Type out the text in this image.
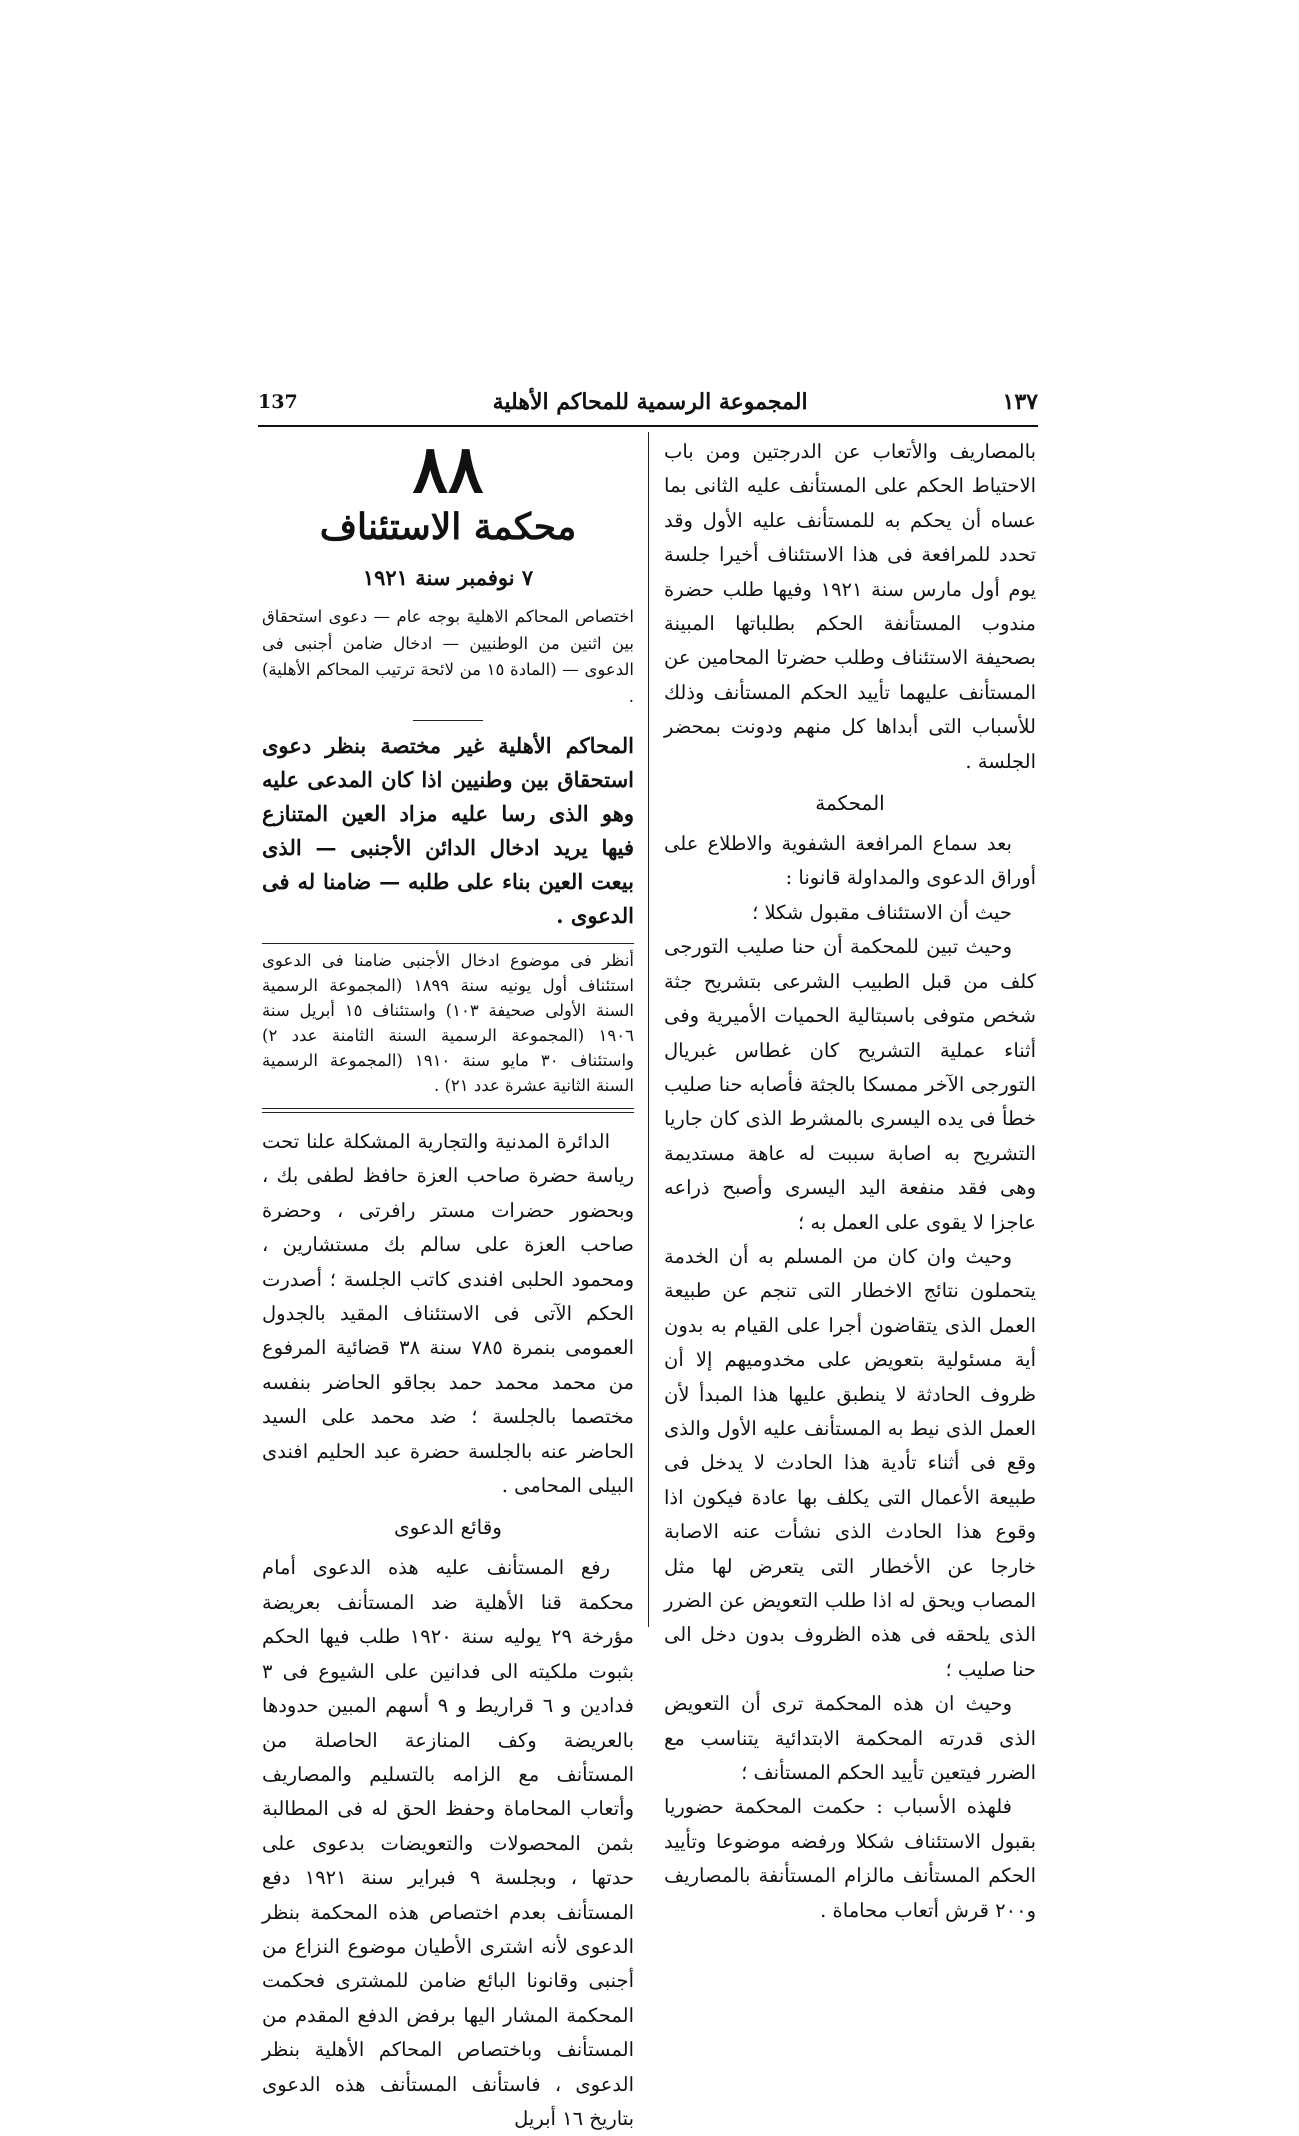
137	المجموعة الرسمية للمحاكم الأهلية	١٣٧

بالمصاريف والأتعاب عن الدرجتين ومن باب الاحتياط الحكم على المستأنف عليه الثانى بما عساه أن يحكم به للمستأنف عليه الأول وقد تحدد للمرافعة فى هذا الاستئناف أخيرا جلسة يوم أول مارس سنة ١٩٢١ وفيها طلب حضرة مندوب المستأنفة الحكم بطلباتها المبينة بصحيفة الاستئناف وطلب حضرتا المحامين عن المستأنف عليهما تأييد الحكم المستأنف وذلك للأسباب التى أبداها كل منهم ودونت بمحضر الجلسة .

المحكمة

بعد سماع المرافعة الشفوية والاطلاع على أوراق الدعوى والمداولة قانونا :

حيث أن الاستئناف مقبول شكلا ؛

وحيث تبين للمحكمة أن حنا صليب التورجى كلف من قبل الطبيب الشرعى بتشريح جثة شخص متوفى باسبتالية الحميات الأميرية وفى أثناء عملية التشريح كان غطاس غبريال التورجى الآخر ممسكا بالجثة فأصابه حنا صليب خطأ فى يده اليسرى بالمشرط الذى كان جاريا التشريح به اصابة سببت له عاهة مستديمة وهى فقد منفعة اليد اليسرى وأصبح ذراعه عاجزا لا يقوى على العمل به ؛

وحيث وان كان من المسلم به أن الخدمة يتحملون نتائج الاخطار التى تنجم عن طبيعة العمل الذى يتقاضون أجرا على القيام به بدون أية مسئولية بتعويض على مخدوميهم إلا أن ظروف الحادثة لا ينطبق عليها هذا المبدأ لأن العمل الذى نيط به المستأنف عليه الأول والذى وقع فى أثناء تأدية هذا الحادث لا يدخل فى طبيعة الأعمال التى يكلف بها عادة فيكون اذا وقوع هذا الحادث الذى نشأت عنه الاصابة خارجا عن الأخطار التى يتعرض لها مثل المصاب ويحق له اذا طلب التعويض عن الضرر الذى يلحقه فى هذه الظروف بدون دخل الى حنا صليب ؛

وحيث ان هذه المحكمة ترى أن التعويض الذى قدرته المحكمة الابتدائية يتناسب مع الضرر فيتعين تأييد الحكم المستأنف ؛

فلهذه الأسباب : حكمت المحكمة حضوريا بقبول الاستئناف شكلا ورفضه موضوعا وتأييد الحكم المستأنف مالزام المستأنفة بالمصاريف و٢٠٠ قرش أتعاب محاماة .

٨٨
محكمة الاستئناف
٧ نوفمبر سنة ١٩٢١

اختصاص المحاكم الاهلية بوجه عام — دعوى استحقاق بين اثنين من الوطنيين — ادخال ضامن أجنبى فى الدعوى — (المادة ١٥ من لائحة ترتيب المحاكم الأهلية) .

المحاكم الأهلية غير مختصة بنظر دعوى استحقاق بين وطنيين اذا كان المدعى عليه وهو الذى رسا عليه مزاد العين المتنازع فيها يريد ادخال الدائن الأجنبى — الذى بيعت العين بناء على طلبه — ضامنا له فى الدعوى .

أنظر فى موضوع ادخال الأجنبى ضامنا فى الدعوى استئناف أول يونيه سنة ١٨٩٩ (المجموعة الرسمية السنة الأولى صحيفة ١٠٣) واستئناف ١٥ أبريل سنة ١٩٠٦ (المجموعة الرسمية السنة الثامنة عدد ٢) واستئناف ٣٠ مايو سنة ١٩١٠ (المجموعة الرسمية السنة الثانية عشرة عدد ٢١) .

الدائرة المدنية والتجارية المشكلة علنا تحت رياسة حضرة صاحب العزة حافظ لطفى بك ، وبحضور حضرات مستر رافرتى ، وحضرة صاحب العزة على سالم بك مستشارين ، ومحمود الحلبى افندى كاتب الجلسة ؛ أصدرت الحكم الآتى فى الاستئناف المقيد بالجدول العمومى بنمرة ٧٨٥ سنة ٣٨ قضائية المرفوع من محمد محمد حمد بجاقو الحاضر بنفسه مختصما بالجلسة ؛ ضد محمد على السيد الحاضر عنه بالجلسة حضرة عبد الحليم افندى البيلى المحامى .

وقائع الدعوى

رفع المستأنف عليه هذه الدعوى أمام محكمة قنا الأهلية ضد المستأنف بعريضة مؤرخة ٢٩ يوليه سنة ١٩٢٠ طلب فيها الحكم بثبوت ملكيته الى فدانين على الشيوع فى ٣ فدادين و ٦ قراريط و ٩ أسهم المبين حدودها بالعريضة وكف المنازعة الحاصلة من المستأنف مع الزامه بالتسليم والمصاريف وأتعاب المحاماة وحفظ الحق له فى المطالبة بثمن المحصولات والتعويضات بدعوى على حدتها ، وبجلسة ٩ فبراير سنة ١٩٢١ دفع المستأنف بعدم اختصاص هذه المحكمة بنظر الدعوى لأنه اشترى الأطيان موضوع النزاع من أجنبى وقانونا البائع ضامن للمشترى فحكمت المحكمة المشار اليها برفض الدفع المقدم من المستأنف وباختصاص المحاكم الأهلية بنظر الدعوى ، فاستأنف المستأنف هذه الدعوى بتاريخ ١٦ أبريل
